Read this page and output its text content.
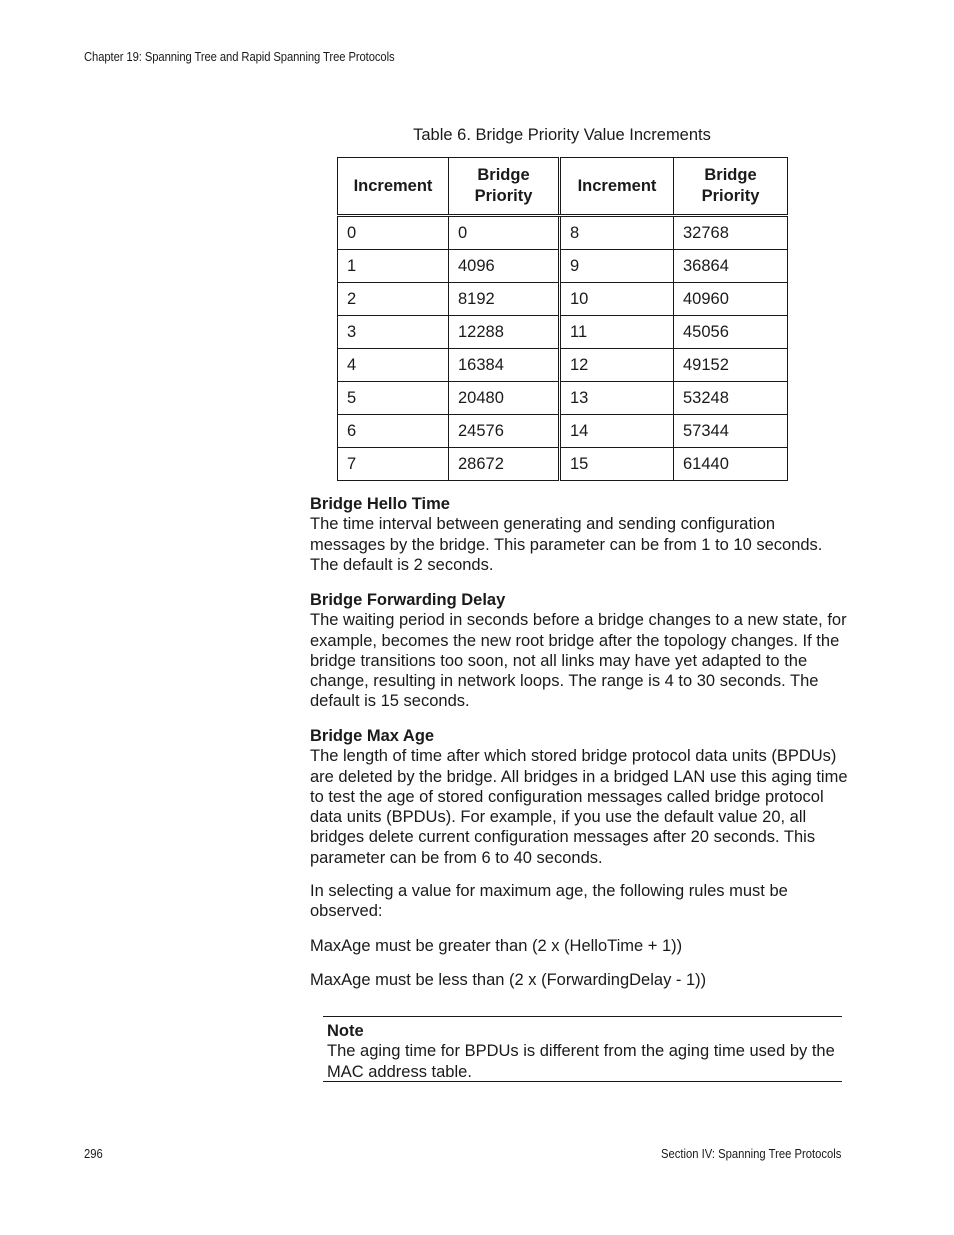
Chapter 19: Spanning Tree and Rapid Spanning Tree Protocols
Table 6. Bridge Priority Value Increments
Increment	Bridge Priority	Increment	Bridge Priority
0	0	8	32768
1	4096	9	36864
2	8192	10	40960
3	12288	11	45056
4	16384	12	49152
5	20480	13	53248
6	24576	14	57344
7	28672	15	61440
Bridge Hello Time

The time interval between generating and sending configuration messages by the bridge. This parameter can be from 1 to 10 seconds. The default is 2 seconds.

Bridge Forwarding Delay

The waiting period in seconds before a bridge changes to a new state, for example, becomes the new root bridge after the topology changes. If the bridge transitions too soon, not all links may have yet adapted to the change, resulting in network loops. The range is 4 to 30 seconds. The default is 15 seconds.

Bridge Max Age

The length of time after which stored bridge protocol data units (BPDUs) are deleted by the bridge. All bridges in a bridged LAN use this aging time to test the age of stored configuration messages called bridge protocol data units (BPDUs). For example, if you use the default value 20, all bridges delete current configuration messages after 20 seconds. This parameter can be from 6 to 40 seconds.

In selecting a value for maximum age, the following rules must be observed:

MaxAge must be greater than (2 x (HelloTime + 1))

MaxAge must be less than (2 x (ForwardingDelay - 1))

Note
The aging time for BPDUs is different from the aging time used by the MAC address table.
296	Section IV: Spanning Tree Protocols
